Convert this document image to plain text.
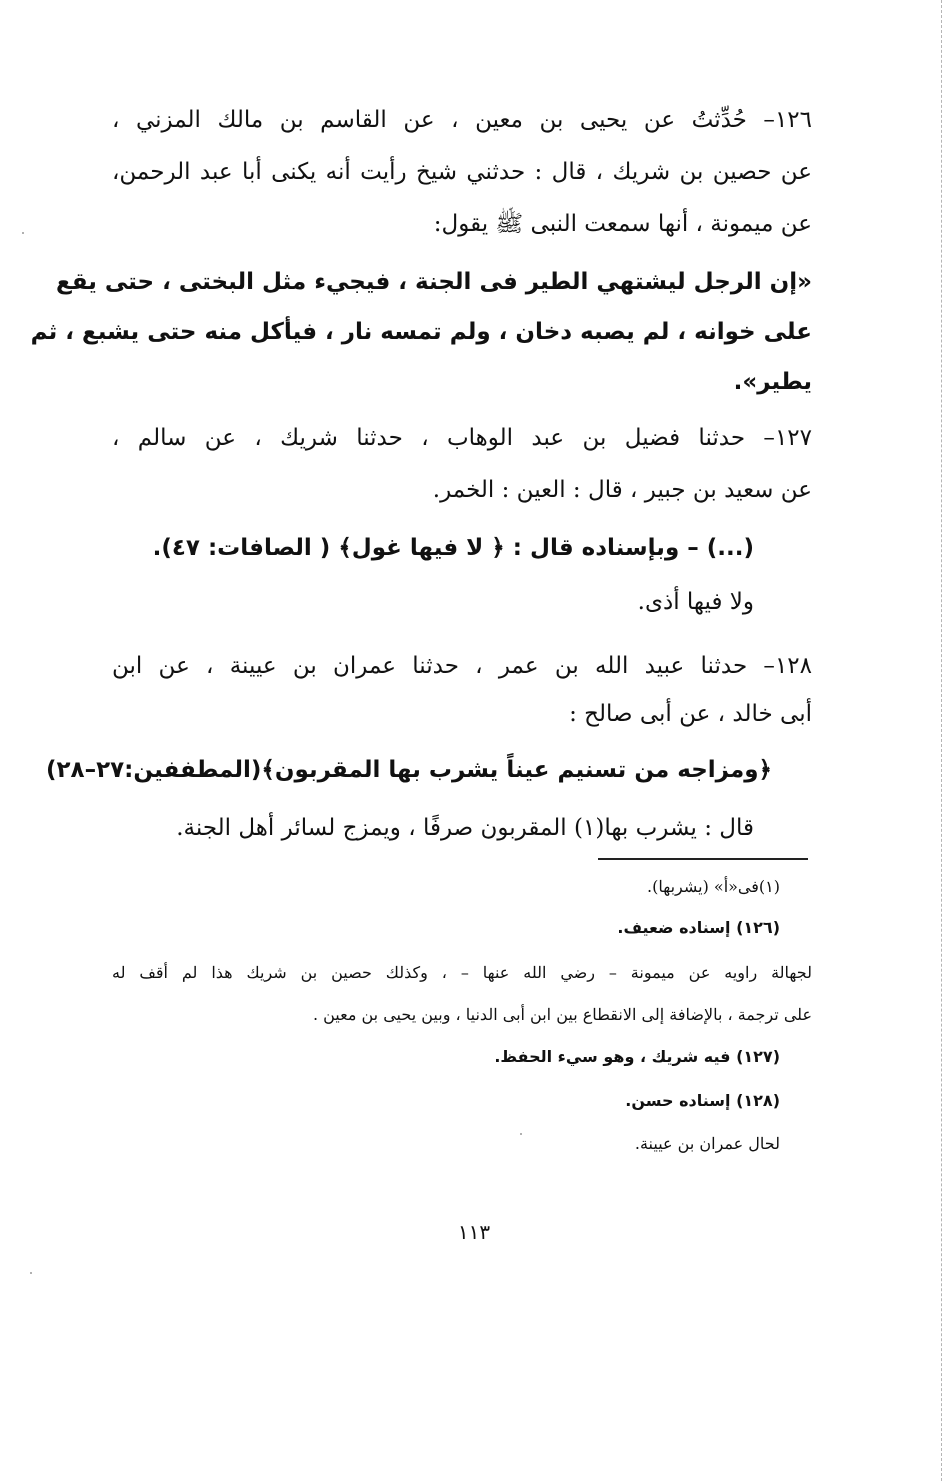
١٢٦– حُدِّثتُ عن يحيى بن معين ، عن القاسم بن مالك المزني ،
عن حصين بن شريك ، قال : حدثني شيخ رأيت أنه يكنى أبا عبد الرحمن،
عن ميمونة ، أنها سمعت النبى ﷺ يقول:
«إن الرجل ليشتهي الطير فى الجنة ، فيجيء مثل البختى ، حتى يقع
على خوانه ، لم يصبه دخان ، ولم تمسه نار ، فيأكل منه حتى يشبع ، ثم
يطير».
١٢٧– حدثنا فضيل بن عبد الوهاب ، حدثنا شريك ، عن سالم ،
عن سعيد بن جبير ، قال : العين : الخمر.
(...) – وبإسناده قال : ﴿ لا فيها غول﴾ ( الصافات: ٤٧).
ولا فيها أذى.
١٢٨– حدثنا عبيد الله بن عمر ، حدثنا عمران بن عيينة ، عن ابن
أبى خالد ، عن أبى صالح :
﴿ومزاجه من تسنيم عيناً يشرب بها المقربون﴾(المطففين:٢٧–٢٨)
قال : يشرب بها(١) المقربون صرفًا ، ويمزج لسائر أهل الجنة.
(١)فى«أ» (يشربها).
(١٢٦) إسناده ضعيف.
لجهالة راويه عن ميمونة – رضي الله عنها – ، وكذلك حصين بن شريك هذا لم أقف له
على ترجمة ، بالإضافة إلى الانقطاع بين ابن أبى الدنيا ، وبين يحيى بن معين .
(١٢٧) فيه شريك ، وهو سيء الحفظ.
(١٢٨) إسناده حسن.
لحال عمران بن عيينة.
١١٣
